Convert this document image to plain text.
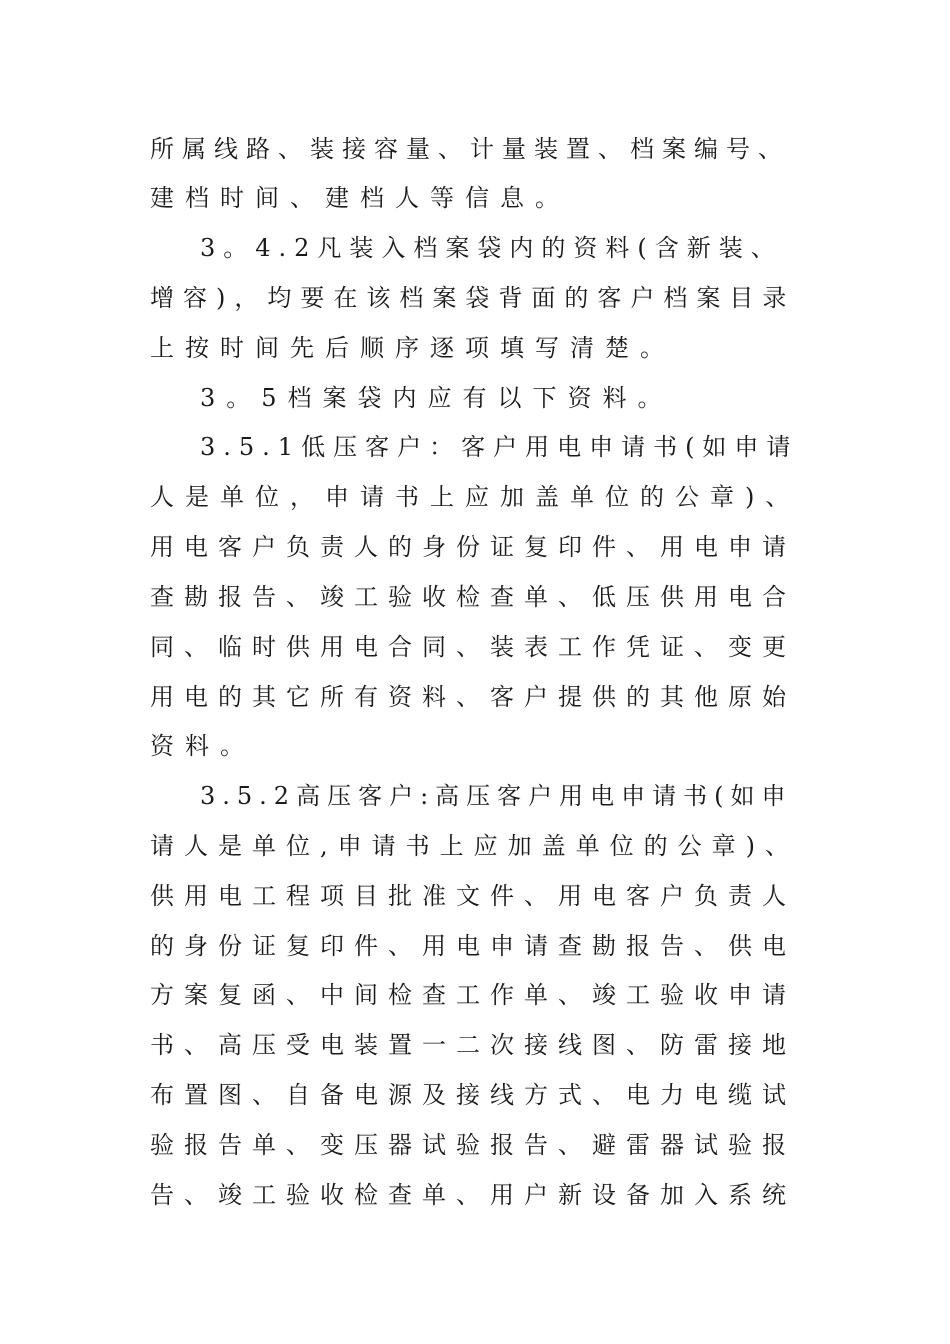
所属线路、装接容量、计量装置、档案编号、
建档时间、建档人等信息。
3。4.2凡装入档案袋内的资料(含新装、
增容)，均要在该档案袋背面的客户档案目录
上按时间先后顺序逐项填写清楚。
3。5档案袋内应有以下资料。
3.5.1低压客户：客户用电申请书(如申请
人是单位，申请书上应加盖单位的公章)、
用电客户负责人的身份证复印件、用电申请
查勘报告、竣工验收检查单、低压供用电合
同、临时供用电合同、装表工作凭证、变更
用电的其它所有资料、客户提供的其他原始
资料。
3.5.2高压客户:高压客户用电申请书(如申
请人是单位,申请书上应加盖单位的公章)、
供用电工程项目批准文件、用电客户负责人
的身份证复印件、用电申请查勘报告、供电
方案复函、中间检查工作单、竣工验收申请
书、高压受电装置一二次接线图、防雷接地
布置图、自备电源及接线方式、电力电缆试
验报告单、变压器试验报告、避雷器试验报
告、竣工验收检查单、用户新设备加入系统
